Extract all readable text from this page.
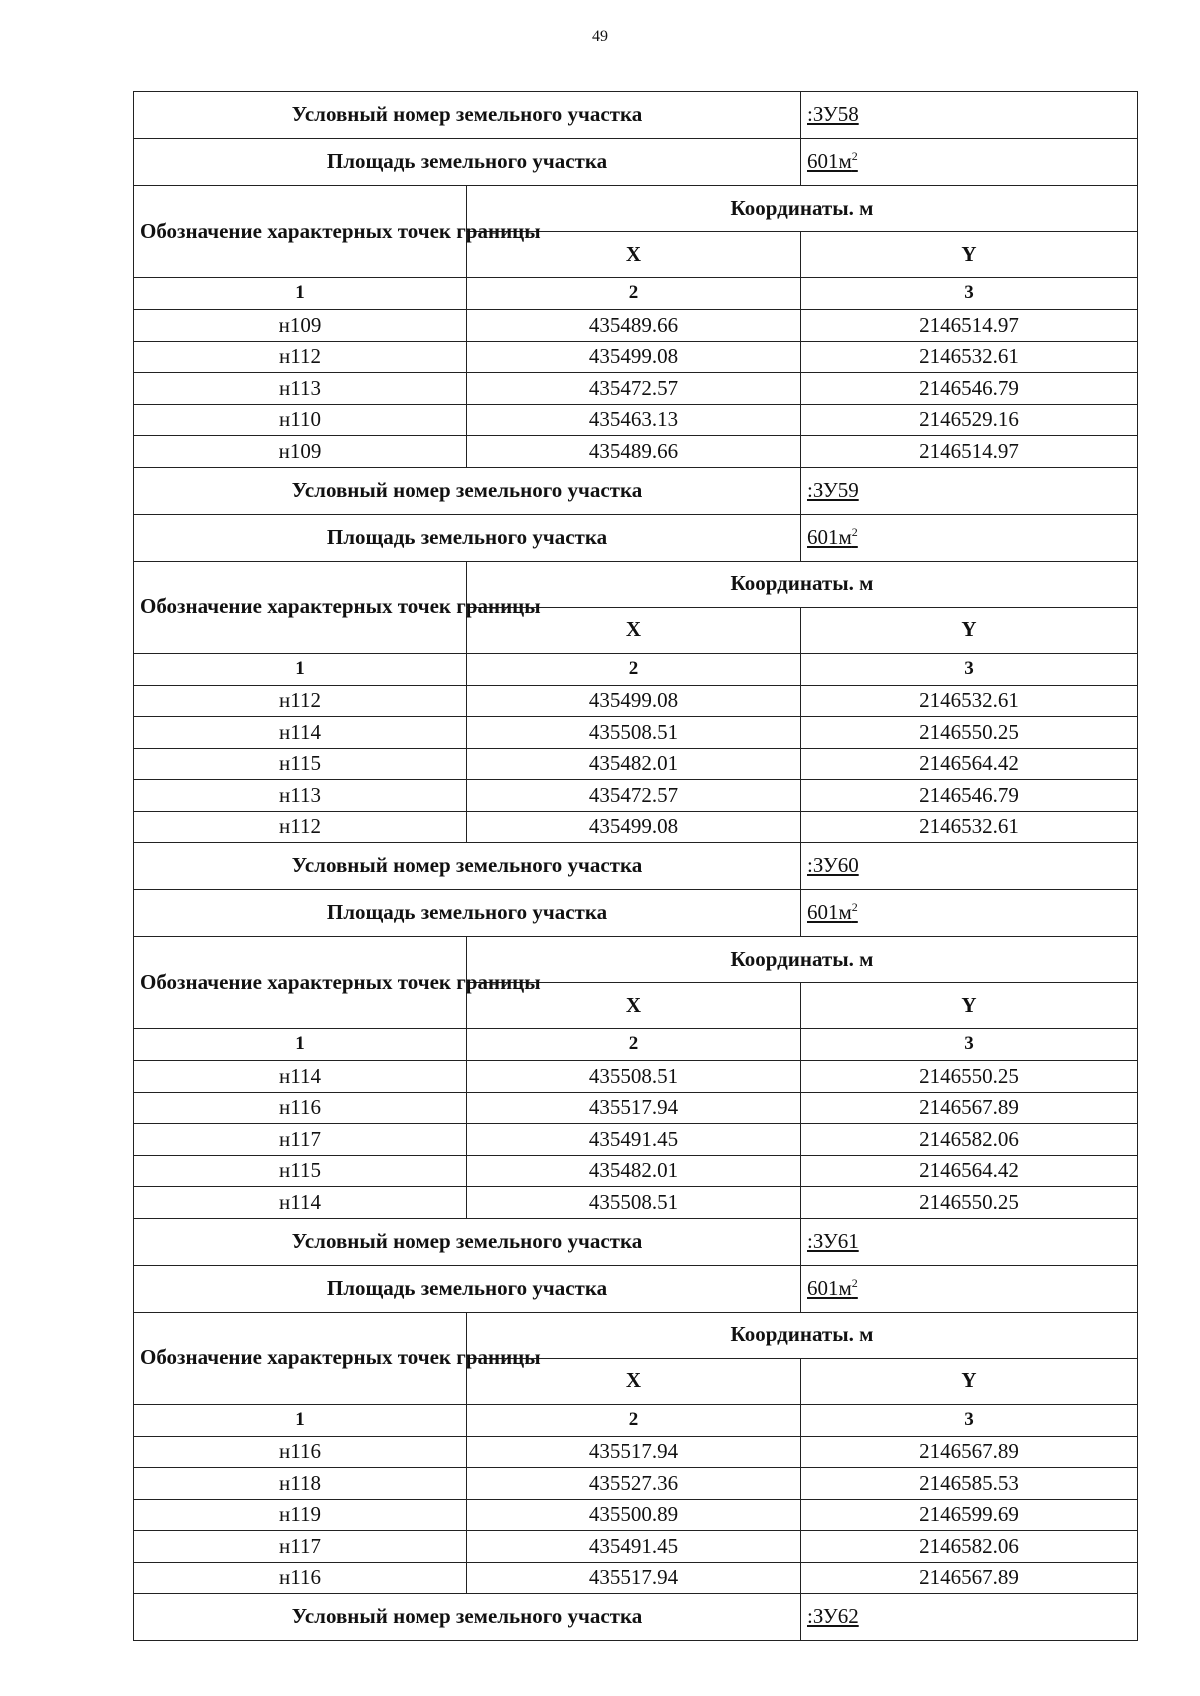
49
Условный номер земельного участка		:ЗУ58
Площадь земельного участка		$601м^2$
Обозначение характерных точек границы	Координаты. м	
	X	Y
1	2	3
н109	435489.66	2146514.97
н112	435499.08	2146532.61
н113	435472.57	2146546.79
н110	435463.13	2146529.16
н109	435489.66	2146514.97
Условный номер земельного участка		:ЗУ59
Площадь земельного участка		$601м^2$
Обозначение характерных точек границы	Координаты. м	
	X	Y
1	2	3
н112	435499.08	2146532.61
н114	435508.51	2146550.25
н115	435482.01	2146564.42
н113	435472.57	2146546.79
н112	435499.08	2146532.61
Условный номер земельного участка		:ЗУ60
Площадь земельного участка		$601м^2$
Обозначение характерных точек границы	Координаты. м	
	X	Y
1	2	3
н114	435508.51	2146550.25
н116	435517.94	2146567.89
н117	435491.45	2146582.06
н115	435482.01	2146564.42
н114	435508.51	2146550.25
Условный номер земельного участка		:ЗУ61
Площадь земельного участка		$601м^2$
Обозначение характерных точек границы	Координаты. м	
	X	Y
1	2	3
н116	435517.94	2146567.89
н118	435527.36	2146585.53
н119	435500.89	2146599.69
н117	435491.45	2146582.06
н116	435517.94	2146567.89
Условный номер земельного участка		:ЗУ62
